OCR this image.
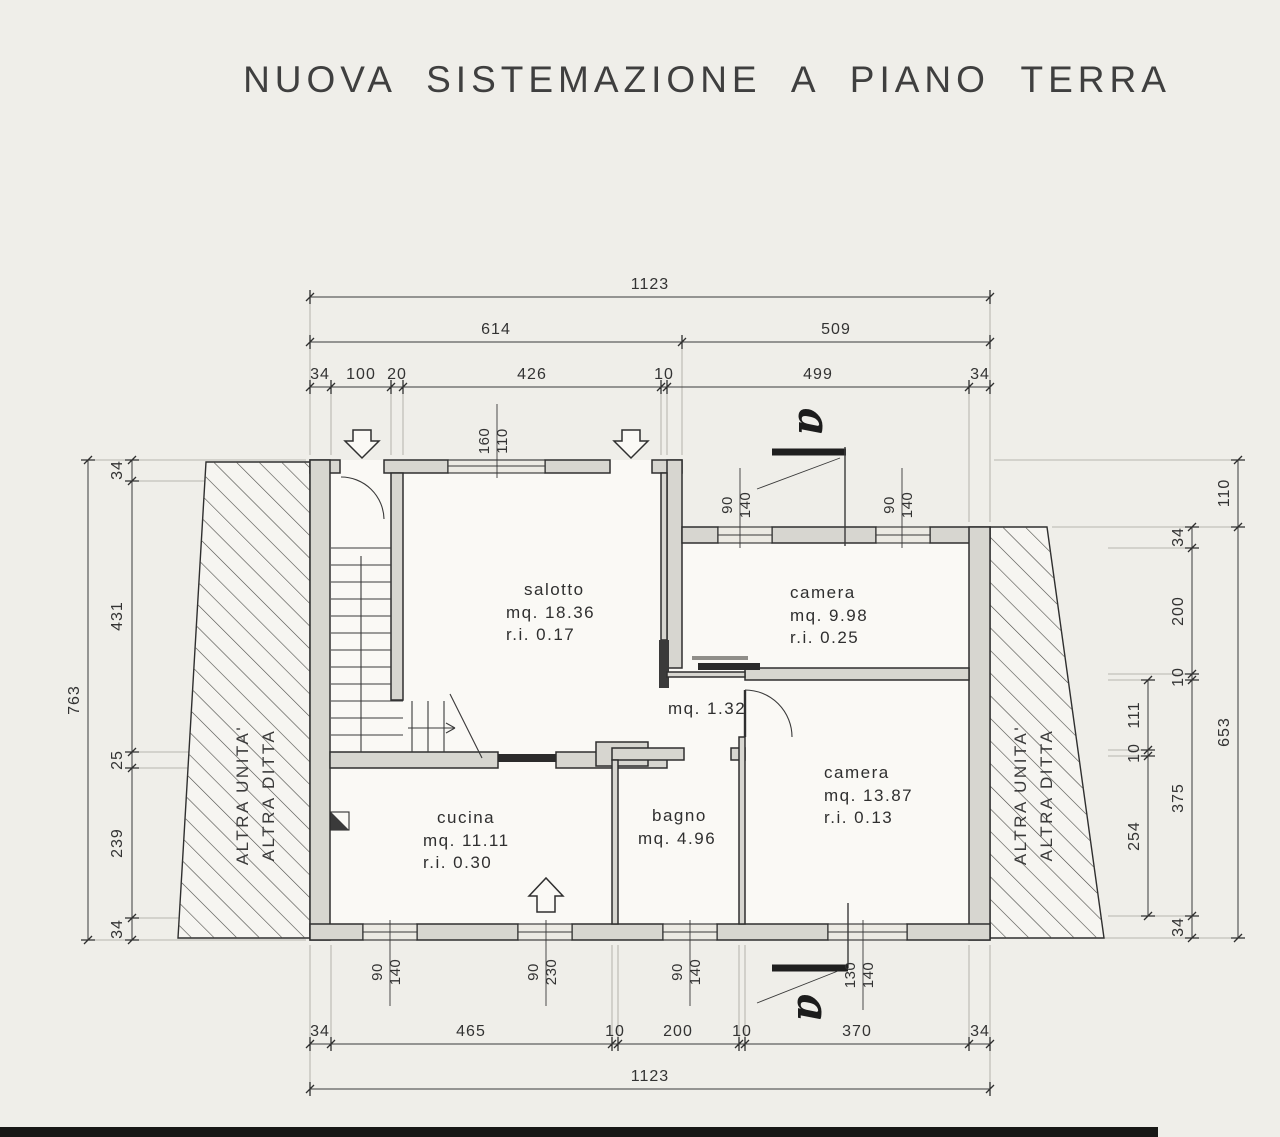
NUOVA SISTEMAZIONE A PIANO TERRA
ALTRA UNITA' ALTRA DITTA	ALTRA UNITA' ALTRA DITTA
a
a
salotto
mq. 18.36
r.i. 0.17
camera
mq. 9.98
r.i. 0.25
mq. 1.32
camera
mq. 13.87
r.i. 0.13
bagno
mq. 4.96
cucina
mq. 11.11
r.i. 0.30
1123
614	509
34 100 20	426	10	499	34
34	465	10 200 10	370	34
1123
763
34
431
25
239
34
111
10
254
34
200
10
375
34
110
653
160 110
90 140	90 140
90 140	90 230	90 140	130 140
